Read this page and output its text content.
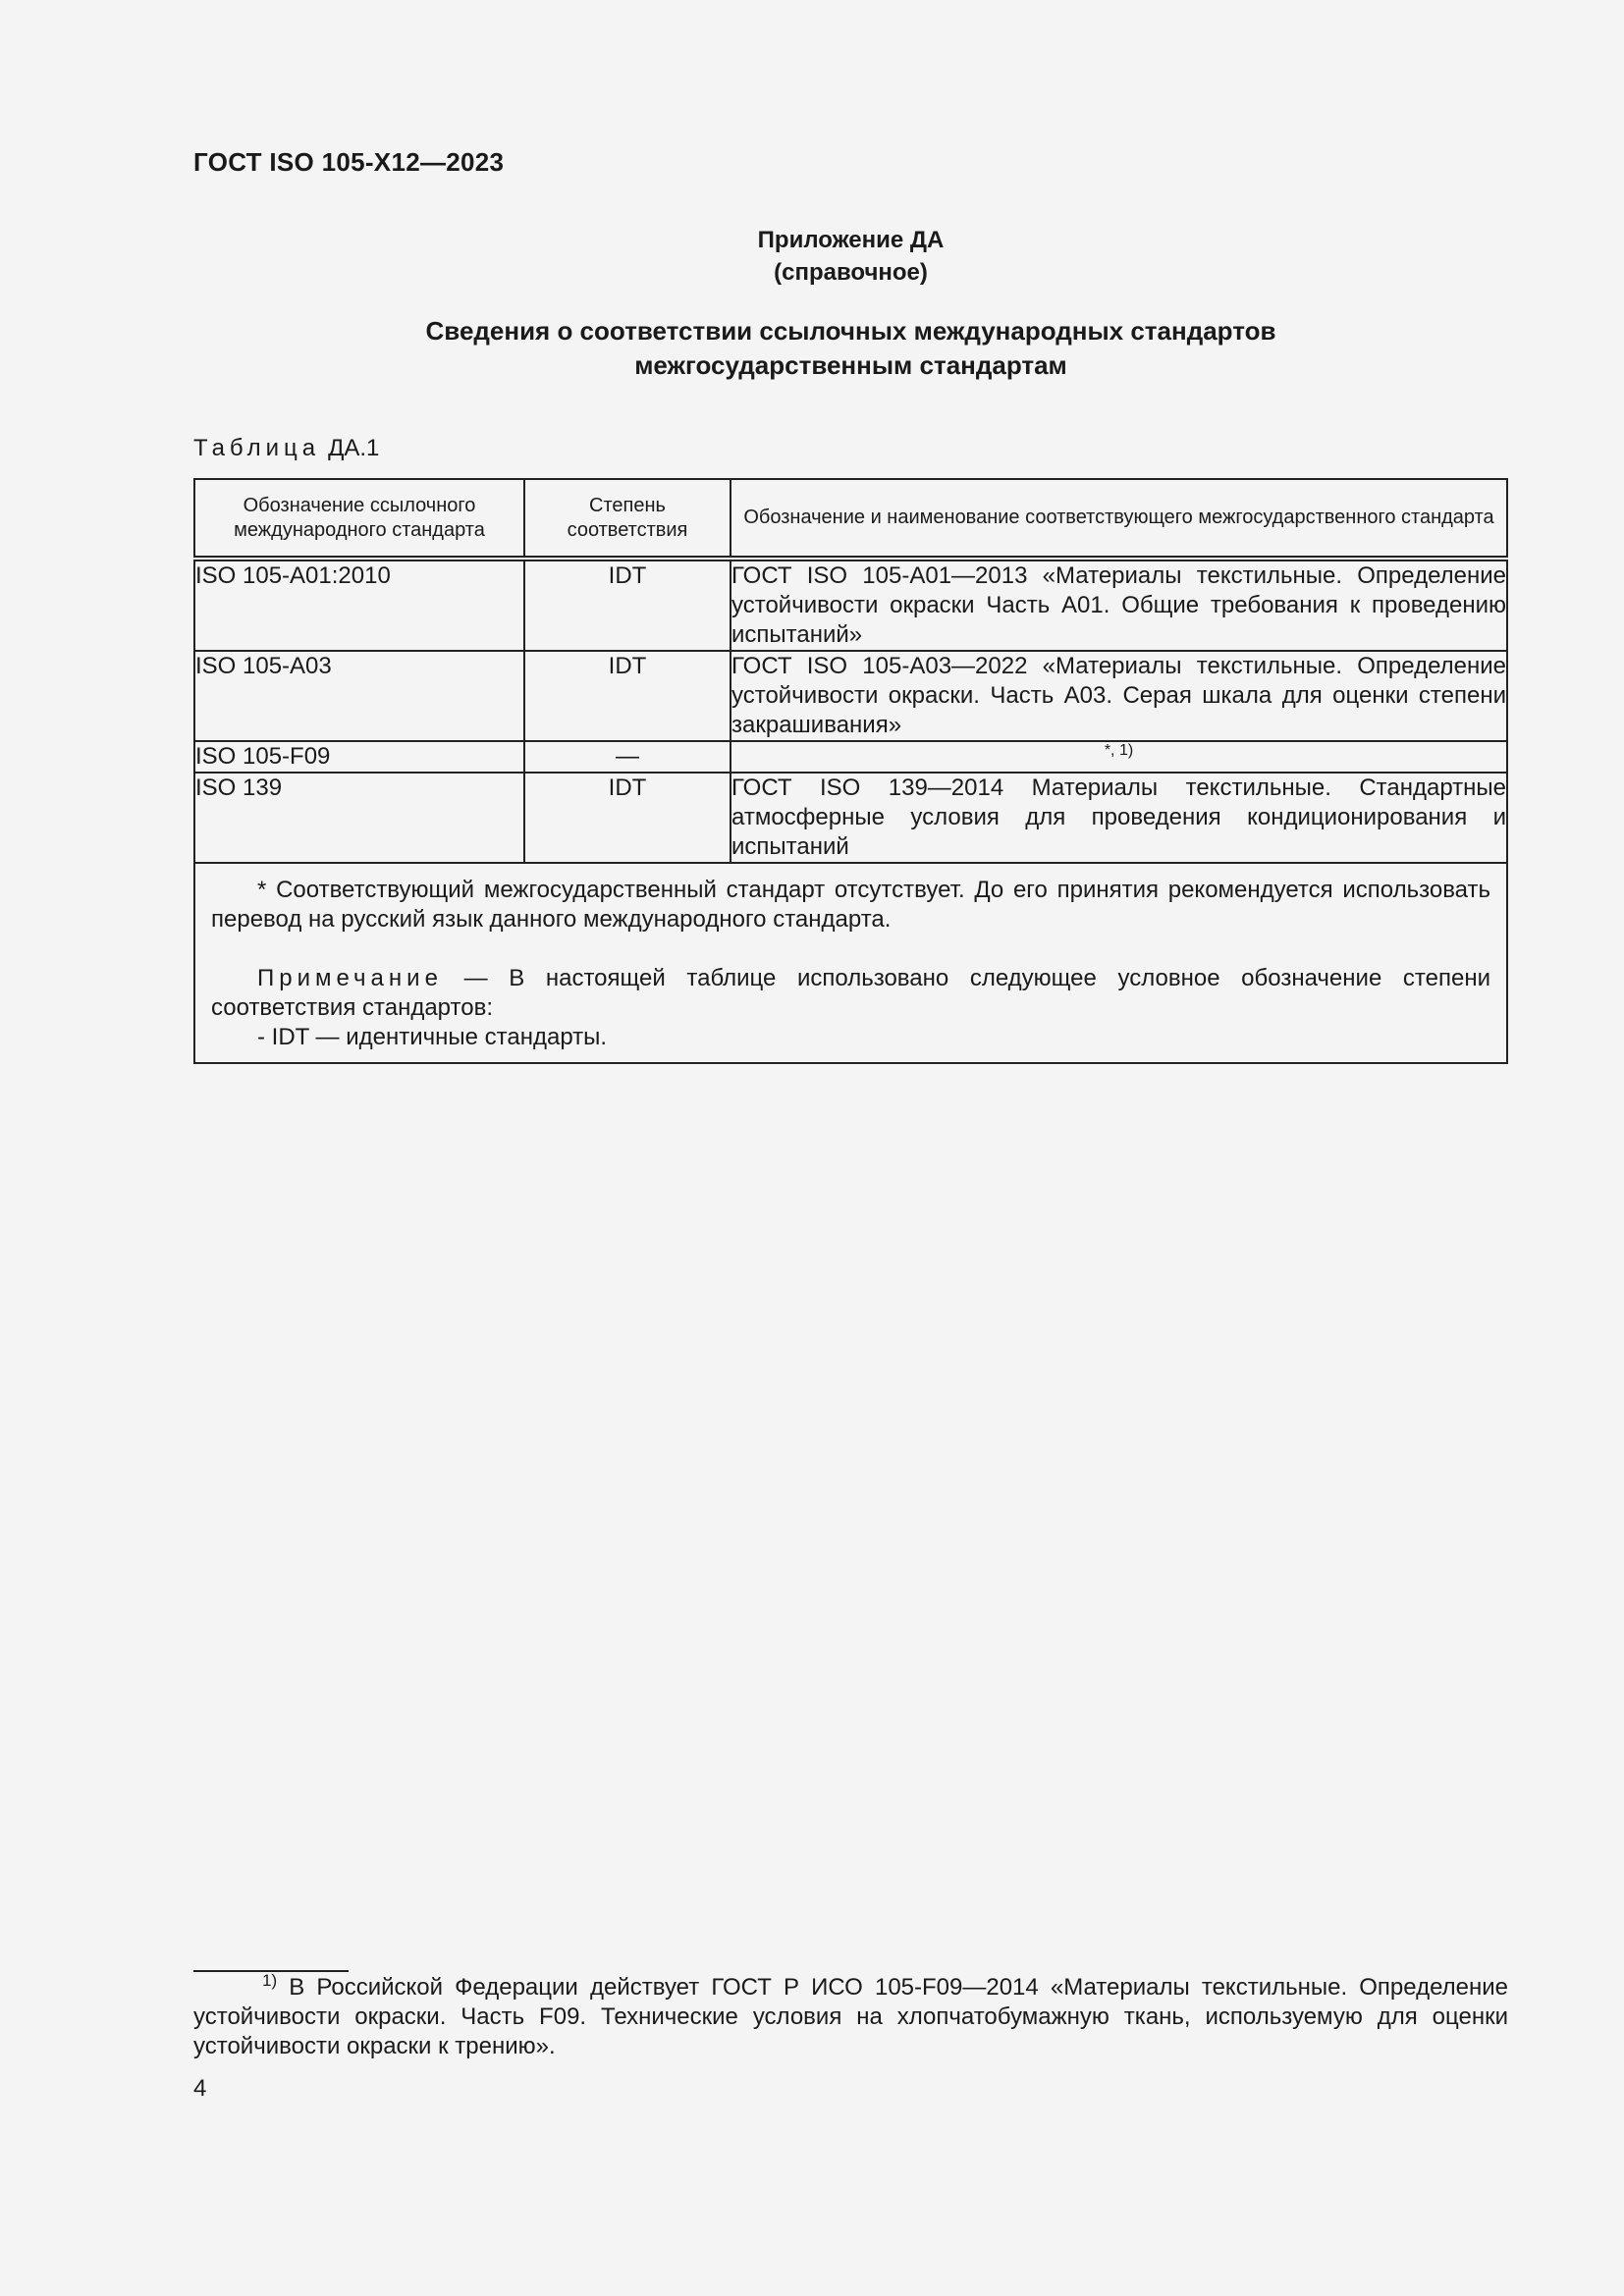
ГОСТ ISO 105-X12—2023
Приложение ДА
(справочное)
Сведения о соответствии ссылочных международных стандартов
межгосударственным стандартам
Таблица ДА.1
Обозначение ссылочного международного стандарта	Степень соответствия	Обозначение и наименование соответствующего межгосударственного стандарта
ISO 105-A01:2010	IDT	ГОСТ ISO 105-A01—2013 «Материалы текстильные. Определение устойчивости окраски Часть А01. Общие требования к проведению испытаний»
ISO 105-A03	IDT	ГОСТ ISO 105-A03—2022 «Материалы текстильные. Определение устойчивости окраски. Часть А03. Серая шкала для оценки степени закрашивания»
ISO 105-F09	—	$^{*, 1)}$
ISO 139	IDT	ГОСТ ISO 139—2014 Материалы текстильные. Стандартные атмосферные условия для проведения кондиционирования и испытаний

* Соответствующий межгосударственный стандарт отсутствует. До его принятия рекомендуется использовать перевод на русский язык данного международного стандарта.

Примечание — В настоящей таблице использовано следующее условное обозначение степени соответствия стандартов:

- IDT — идентичные стандарты.		

$^{1)}$ В Российской Федерации действует ГОСТ Р ИСО 105-F09—2014 «Материалы текстильные. Определение устойчивости окраски. Часть F09. Технические условия на хлопчатобумажную ткань, используемую для оценки устойчивости окраски к трению».
4
